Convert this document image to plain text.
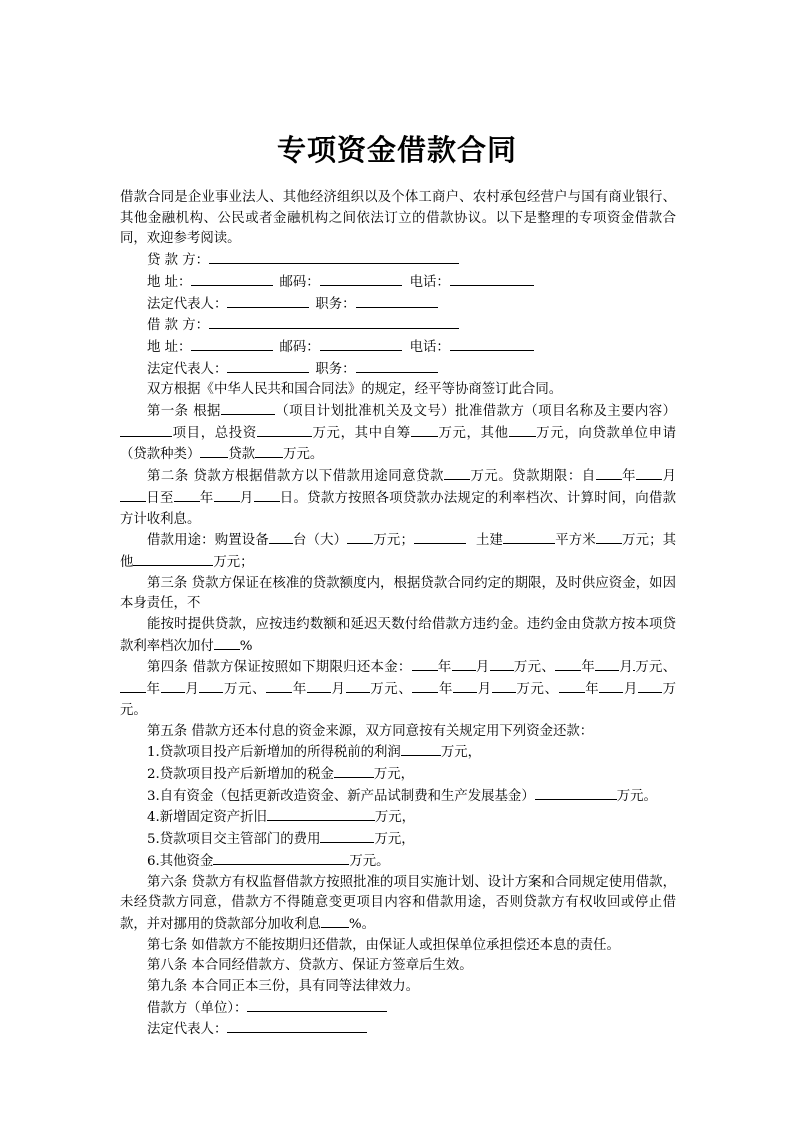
专项资金借款合同

借款合同是企业事业法人、其他经济组织以及个体工商户、农村承包经营户与国有商业银行、其他金融机构、公民或者金融机构之间依法订立的借款协议。以下是整理的专项资金借款合同，欢迎参考阅读。

贷 款 方：
地 址：	邮码：	电话：
法定代表人：	职务：
借 款 方：
地 址：	邮码：	电话：
法定代表人：	职务：

双方根据《中华人民共和国合同法》的规定，经平等协商签订此合同。

第一条 根据	（项目计划批准机关及文号）批准借款方（项目名称及主要内容）项目，总投资	万元，其中自筹 万元，其他 万元，向贷款单位申请（贷款种类） 贷款 万元。

第二条 贷款方根据借款方以下借款用途同意贷款 万元。贷款期限：自 年 月日至 年 月 日。贷款方按照各项贷款办法规定的利率档次、计算时间，向借款方计收利息。

借款用途：购置设备 台（大） 万元；	土建	平方米 万元；其他	万元；

第三条 贷款方保证在核准的贷款额度内，根据贷款合同约定的期限，及时供应资金，如因本身责任，不

能按时提供贷款，应按违约数额和延迟天数付给借款方违约金。违约金由贷款方按本项贷款利率档次加付 %

第四条 借款方保证按照如下期限归还本金： 年 月 万元、 年 月 万元、年 月 万元、 年 月 万元、 年 月 万元、 年 月 万元。

第五条 借款方还本付息的资金来源，双方同意按有关规定用下列资金还款：

1.贷款项目投产后新增加的所得税前的利润	万元，

2.贷款项目投产后新增加的税金	万元，

3.自有资金（包括更新改造资金、新产品试制费和生产发展基金）	万元。

4.新增固定资产折旧	万元，

5.贷款项目交主管部门的费用	万元，

6.其他资金	万元。

第六条 贷款方有权监督借款方按照批准的项目实施计划、设计方案和合同规定使用借款，未经贷款方同意，借款方不得随意变更项目内容和借款用途，否则贷款方有权收回或停止借款，并对挪用的贷款部分加收利息 %。

第七条 如借款方不能按期归还借款，由保证人或担保单位承担偿还本息的责任。

第八条 本合同经借款方、贷款方、保证方签章后生效。

第九条 本合同正本三份，具有同等法律效力。

借款方（单位）：
法定代表人：
